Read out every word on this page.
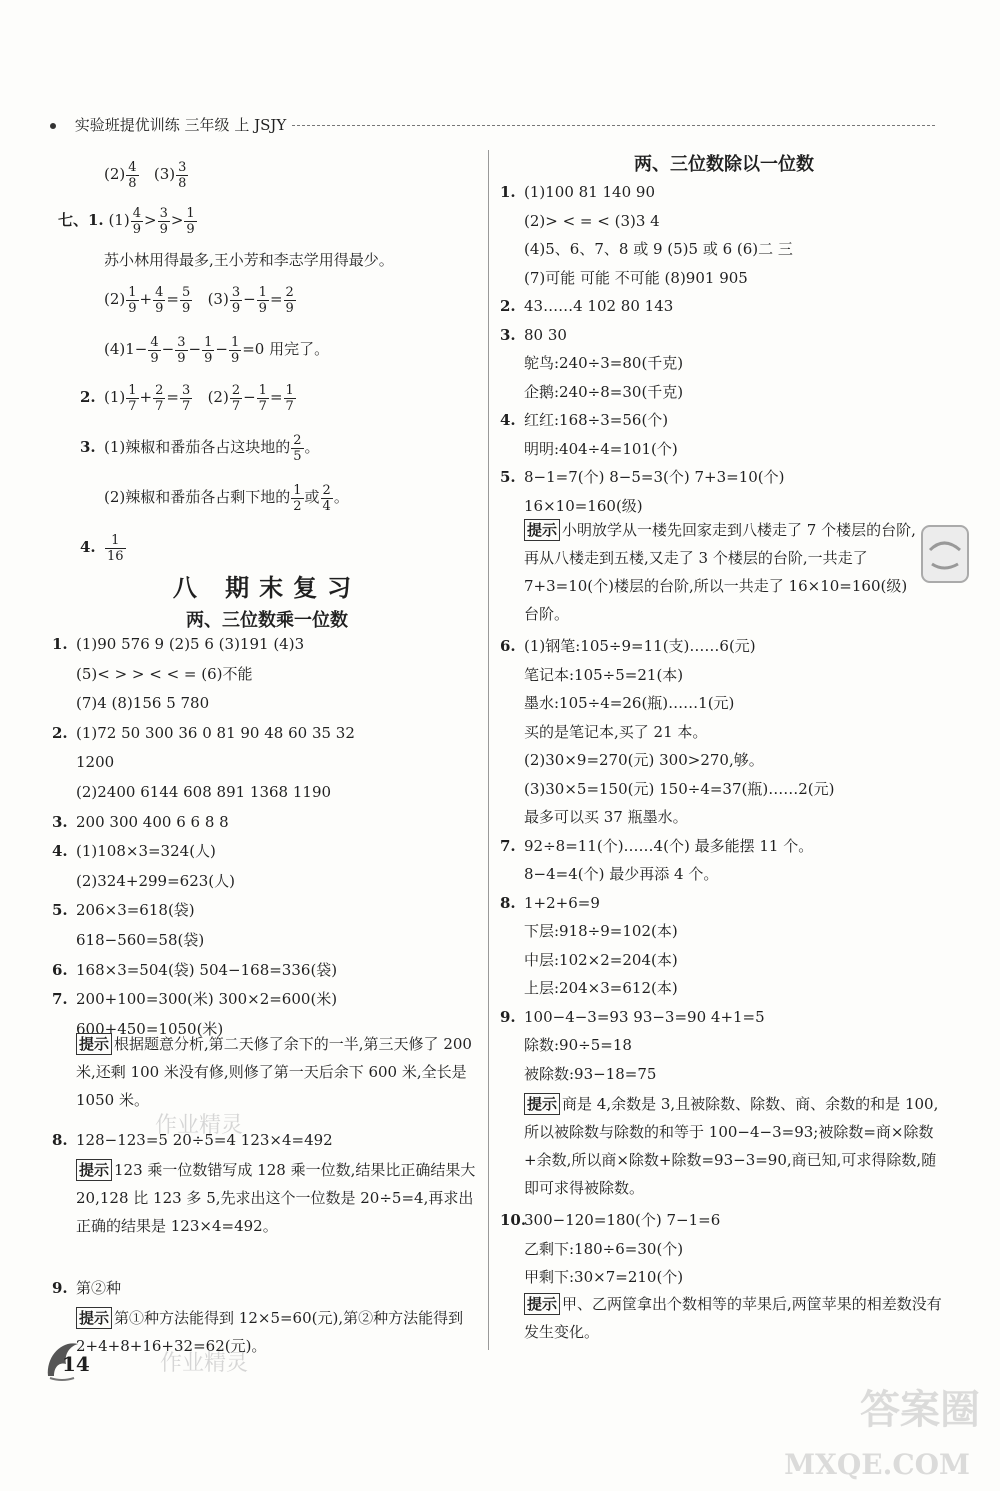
实验班提优训练 三年级 上 JSJY
$(2) \frac{4}{8} (3) \frac{3}{8}$
七、1. $(1) \frac{4}{9} > \frac{3}{9} > \frac{1}{9}$
苏小林用得最多,王小芳和李志学用得最少。
$(2) \frac{1}{9} + \frac{4}{9} = \frac{5}{9} (3) \frac{3}{9} - \frac{1}{9} = \frac{2}{9}$
$(4)1- \frac{4}{9} - \frac{3}{9} - \frac{1}{9} - \frac{1}{9} =0$ 用完了。
2. $(1) \frac{1}{7} + \frac{2}{7} = \frac{3}{7} (2) \frac{2}{7} - \frac{1}{7} = \frac{1}{7}$
3. (1)辣椒和番茄各占这块地的 $\frac{2}{5}$ 。
(2)辣椒和番茄各占剩下地的 $\frac{1}{2}$ 或 $\frac{2}{4}$ 。
4. $\frac{1}{16}$
八 期末复习
两、三位数乘一位数
1. (1)90 576 9 (2)5 6 (3)191 (4)3
(5)< > > < < = (6)不能
(7)4 (8)156 5 780
2. (1)72 50 300 36 0 81 90 48 60 35 32
1200
(2)2400 6144 608 891 1368 1190
3. 200 300 400 6 6 8 8
4. (1)108×3=324(人)
(2)324+299=623(人)
5. 206×3=618(袋)
618−560=58(袋)
6. 168×3=504(袋) 504−168=336(袋)
7. 200+100=300(米) 300×2=600(米)
600+450=1050(米)
提示 根据题意分析,第二天修了余下的一半,第三天修了 200 米,还剩 100 米没有修,则修了第一天后余下 600 米,全长是 1050 米。
8. 128−123=5 20÷5=4 123×4=492
提示 123 乘一位数错写成 128 乘一位数,结果比正确结果大 20,128 比 123 多 5,先求出这个一位数是 20÷5=4,再求出正确的结果是 123×4=492。
9. 第②种
提示 第①种方法能得到 12×5=60(元),第②种方法能得到 2+4+8+16+32=62(元)。
两、三位数除以一位数
1. (1)100 81 140 90
(2)> < = < (3)3 4
(4)5、6、7、8 或 9 (5)5 或 6 (6)二 三
(7)可能 可能 不可能 (8)901 905
2. 43……4 102 80 143
3. 80 30
鸵鸟:240÷3=80(千克)
企鹅:240÷8=30(千克)
4. 红红:168÷3=56(个)
明明:404÷4=101(个)
5. 8−1=7(个) 8−5=3(个) 7+3=10(个)
16×10=160(级)
提示 小明放学从一楼先回家走到八楼走了 7 个楼层的台阶,再从八楼走到五楼,又走了 3 个楼层的台阶,一共走了 7+3=10(个)楼层的台阶,所以一共走了 16×10=160(级)台阶。
6. (1)钢笔:105÷9=11(支)……6(元)
笔记本:105÷5=21(本)
墨水:105÷4=26(瓶)……1(元)
买的是笔记本,买了 21 本。
(2)30×9=270(元) 300>270,够。
(3)30×5=150(元) 150÷4=37(瓶)……2(元)
最多可以买 37 瓶墨水。
7. 92÷8=11(个)……4(个) 最多能摆 11 个。
8−4=4(个) 最少再添 4 个。
8. 1+2+6=9
下层:918÷9=102(本)
中层:102×2=204(本)
上层:204×3=612(本)
9. 100−4−3=93 93−3=90 4+1=5
除数:90÷5=18
被除数:93−18=75
提示 商是 4,余数是 3,且被除数、除数、商、余数的和是 100,所以被除数与除数的和等于 100−4−3=93;被除数=商×除数+余数,所以商×除数+除数=93−3=90,商已知,可求得除数,随即可求得被除数。
10.300−120=180(个) 7−1=6
乙剩下:180÷6=30(个)
甲剩下:30×7=210(个)
提示 甲、乙两筐拿出个数相等的苹果后,两筐苹果的相差数没有发生变化。
14
作业精灵
作业精灵
答案圈
MXQE.COM
